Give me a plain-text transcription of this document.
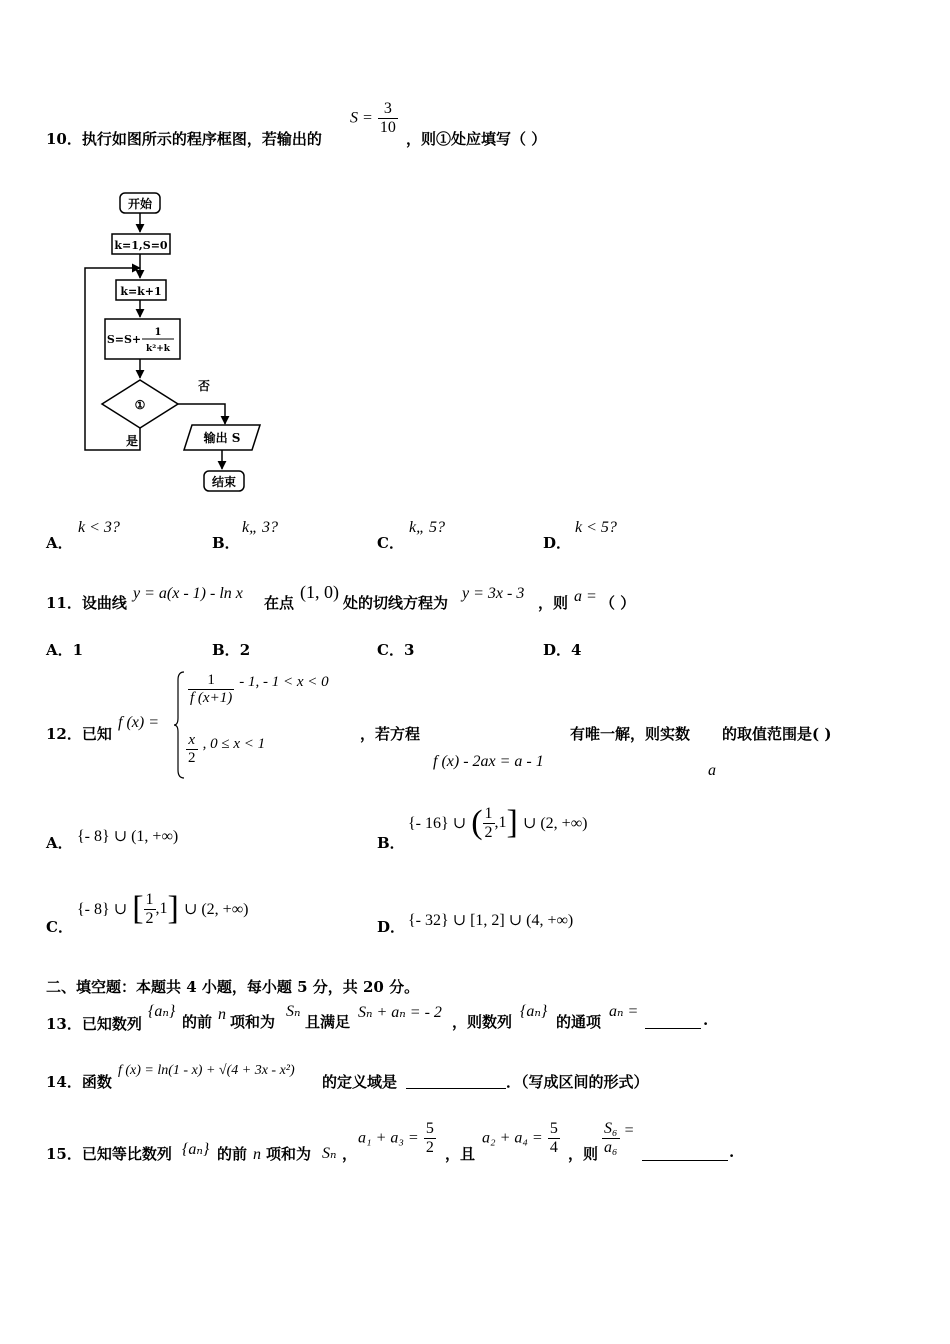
10．执行如图所示的程序框图，若输出的
$S = \frac{3}{10}$
，则①处应填写（ ）
开始
k=1,S=0
k=k+1
S=S+
1
k²+k
①
否
是	输出 S
结束
A．
k < 3?
B．
k„ 3?
C．
k„ 5?
D．
k < 5?
11．设曲线
y = a(x - 1) - ln x
在点
(1, 0)
处的切线方程为
y = 3x - 3
，则 a = （ ）
A．1	B．2	C．3	D．4
12．已知
f (x) =
$\frac{1}{f (x+1)} - 1$, - 1 < x < 0
$\frac{x}{2}$ , 0 ≤ x < 1
，若方程
f (x) - 2ax = a - 1
有唯一解，则实数
a
的取值范围是( )
A． {- 8} ∪ (1, +∞)	B．
{- 16} ∪ ( $\frac{1}{2} ,1$] ∪ (2, +∞)
C．
{- 8} ∪ [ $\frac{1}{2} ,1$] ∪ (2, +∞)
D． {- 32} ∪ [1, 2] ∪ (4, +∞)
二、填空题：本题共 4 小题，每小题 5 分，共 20 分。
13．已知数列
{aₙ}
的前 n 项和为
Sₙ
且满足
Sₙ + aₙ = - 2
，则数列
{aₙ}
的通项
aₙ =	.
14．函数
f (x) = ln(1 - x) + √(4 + 3x - x²)
的定义域是	．（写成区间的形式）
15．已知等比数列 {aₙ} 的前 n 项和为 Sₙ ，
$a_1 + a_3 = \frac{5}{2}$ ，且
$a_2 + a_4 = \frac{5}{4}$ ，则 $\frac{\text{S₆}}{\text{a₆}}$ =
.
